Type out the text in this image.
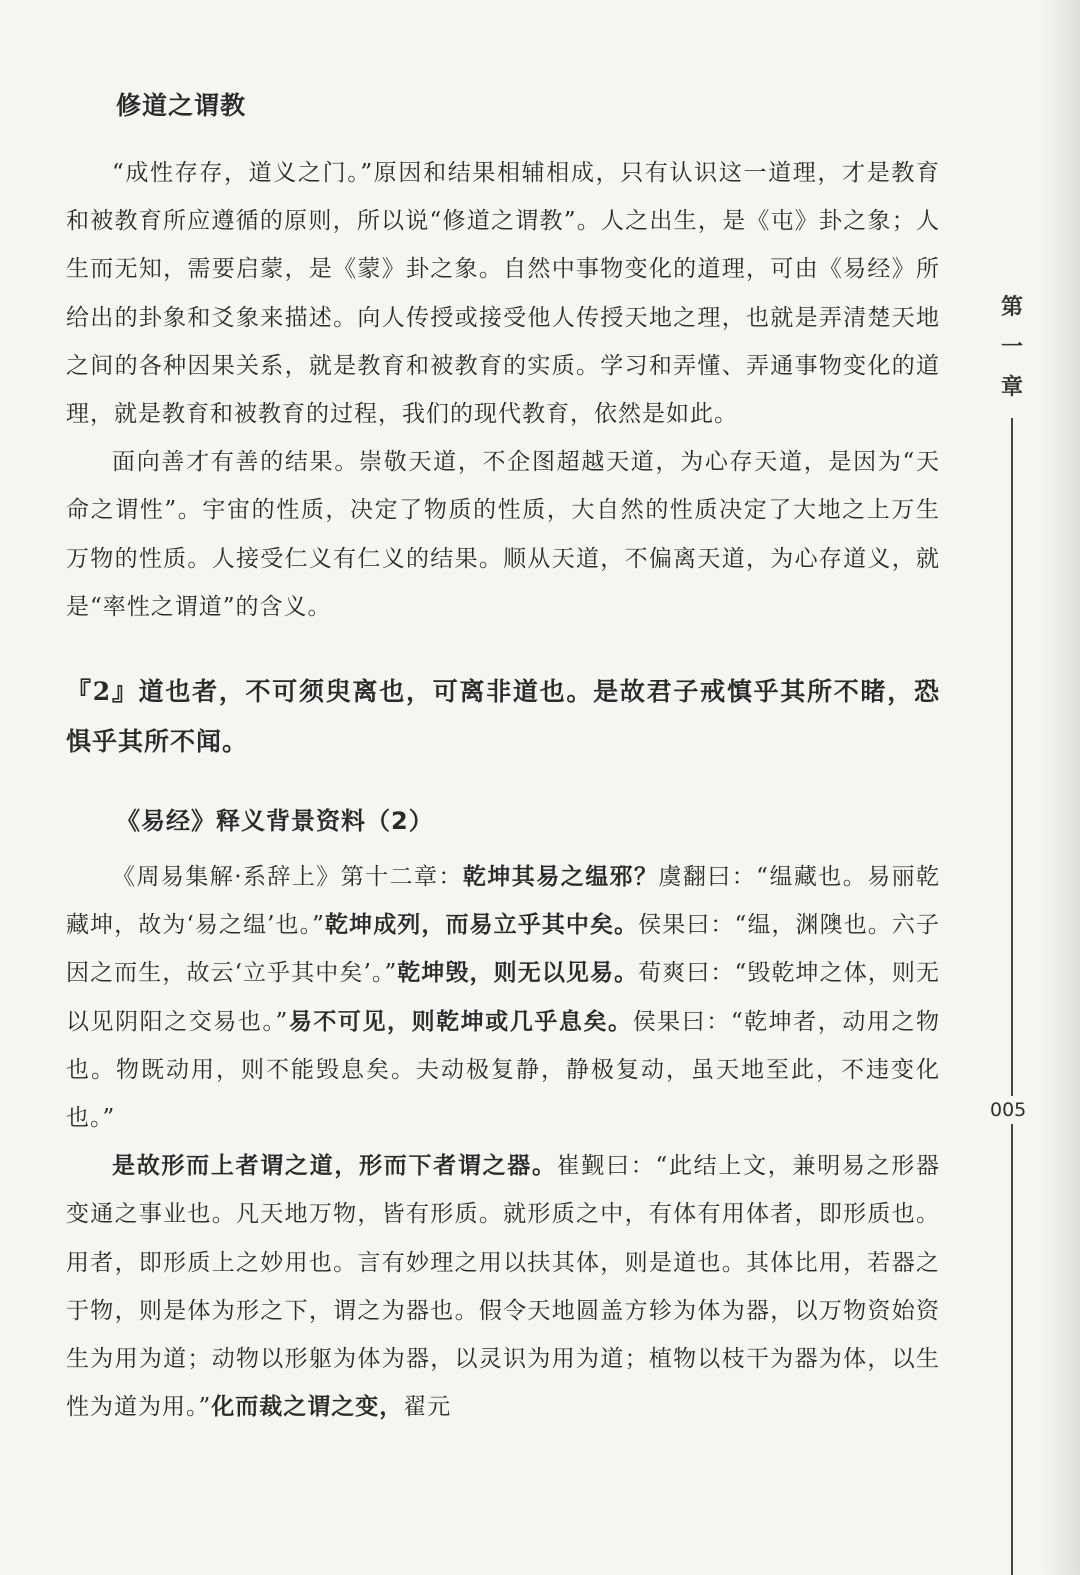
修道之谓教

“成性存存，道义之门。”原因和结果相辅相成，只有认识这一道理，才是教育和被教育所应遵循的原则，所以说“修道之谓教”。人之出生，是《屯》卦之象；人生而无知，需要启蒙，是《蒙》卦之象。自然中事物变化的道理，可由《易经》所给出的卦象和爻象来描述。向人传授或接受他人传授天地之理，也就是弄清楚天地之间的各种因果关系，就是教育和被教育的实质。学习和弄懂、弄通事物变化的道理，就是教育和被教育的过程，我们的现代教育，依然是如此。

面向善才有善的结果。崇敬天道，不企图超越天道，为心存天道，是因为“天命之谓性”。宇宙的性质，决定了物质的性质，大自然的性质决定了大地之上万生万物的性质。人接受仁义有仁义的结果。顺从天道，不偏离天道，为心存道义，就是“率性之谓道”的含义。

『2』道也者，不可须臾离也，可离非道也。是故君子戒慎乎其所不睹，恐惧乎其所不闻。

《易经》释义背景资料（2）

《周易集解·系辞上》第十二章：乾坤其易之缊邪？虞翻曰：“缊藏也。易丽乾藏坤，故为‘易之缊’也。”乾坤成列，而易立乎其中矣。侯果曰：“缊，渊隩也。六子因之而生，故云‘立乎其中矣’。”乾坤毁，则无以见易。荀爽曰：“毁乾坤之体，则无以见阴阳之交易也。”易不可见，则乾坤或几乎息矣。侯果曰：“乾坤者，动用之物也。物既动用，则不能毁息矣。夫动极复静，静极复动，虽天地至此，不违变化也。”

是故形而上者谓之道，形而下者谓之器。崔觐曰：“此结上文，兼明易之形器变通之事业也。凡天地万物，皆有形质。就形质之中，有体有用体者，即形质也。用者，即形质上之妙用也。言有妙理之用以扶其体，则是道也。其体比用，若器之于物，则是体为形之下，谓之为器也。假令天地圆盖方轸为体为器，以万物资始资生为用为道；动物以形躯为体为器，以灵识为用为道；植物以枝干为器为体，以生性为道为用。”化而裁之谓之变，翟元

第
一
章
005
